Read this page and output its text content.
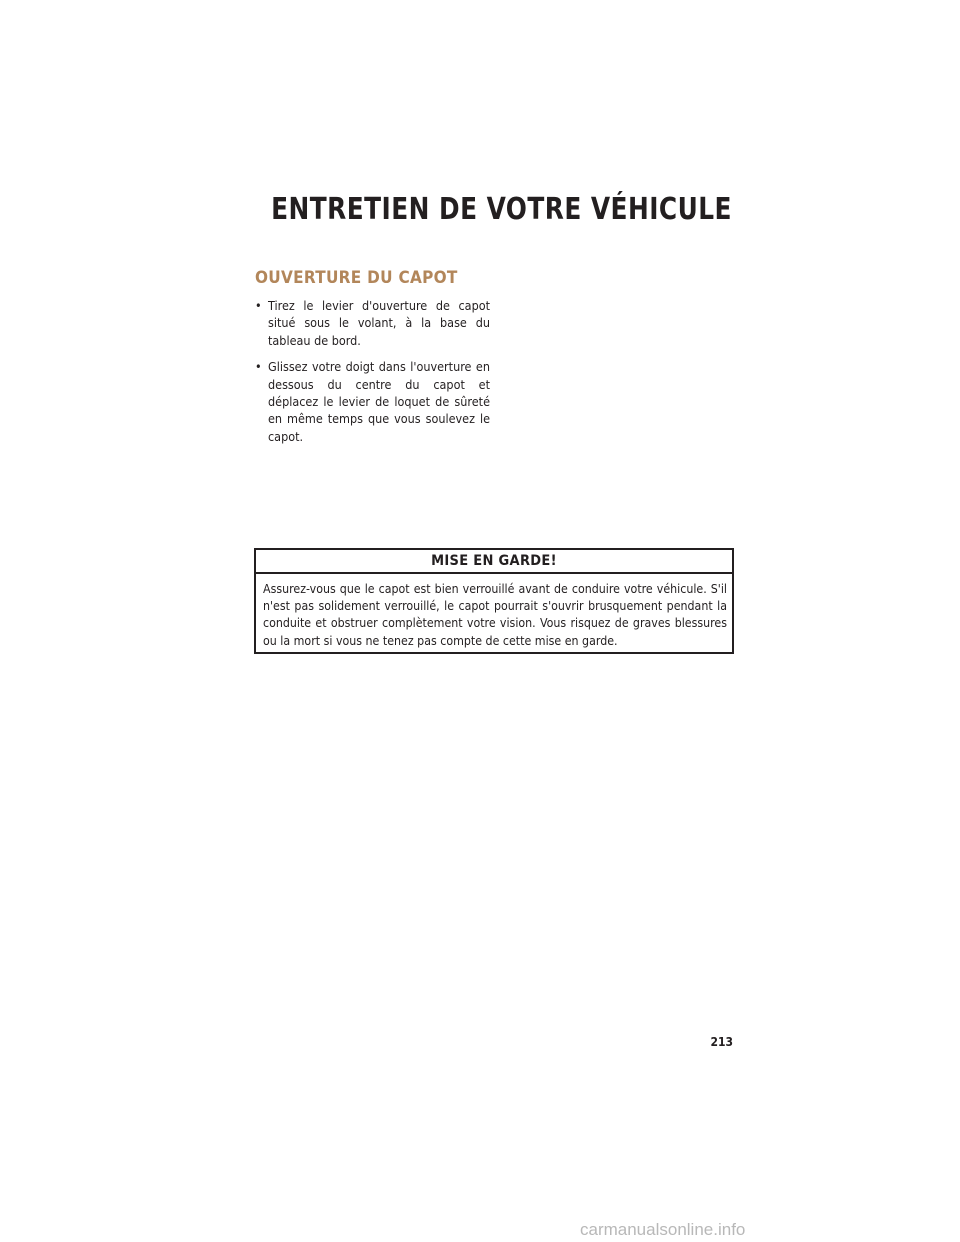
ENTRETIEN DE VOTRE VÉHICULE
OUVERTURE DU CAPOT
• Tirez le levier d'ouverture de capot situé sous le volant, à la base du tableau de bord.
• Glissez votre doigt dans l'ouverture en dessous du centre du capot et déplacez le levier de loquet de sûreté en même temps que vous soulevez le capot.
MISE EN GARDE!

Assurez-vous que le capot est bien verrouillé avant de conduire votre véhicule. S'il n'est pas solidement verrouillé, le capot pourrait s'ouvrir brusquement pendant la conduite et obstruer complètement votre vision. Vous risquez de graves blessures ou la mort si vous ne tenez pas compte de cette mise en garde.

213
carmanualsonline.info
